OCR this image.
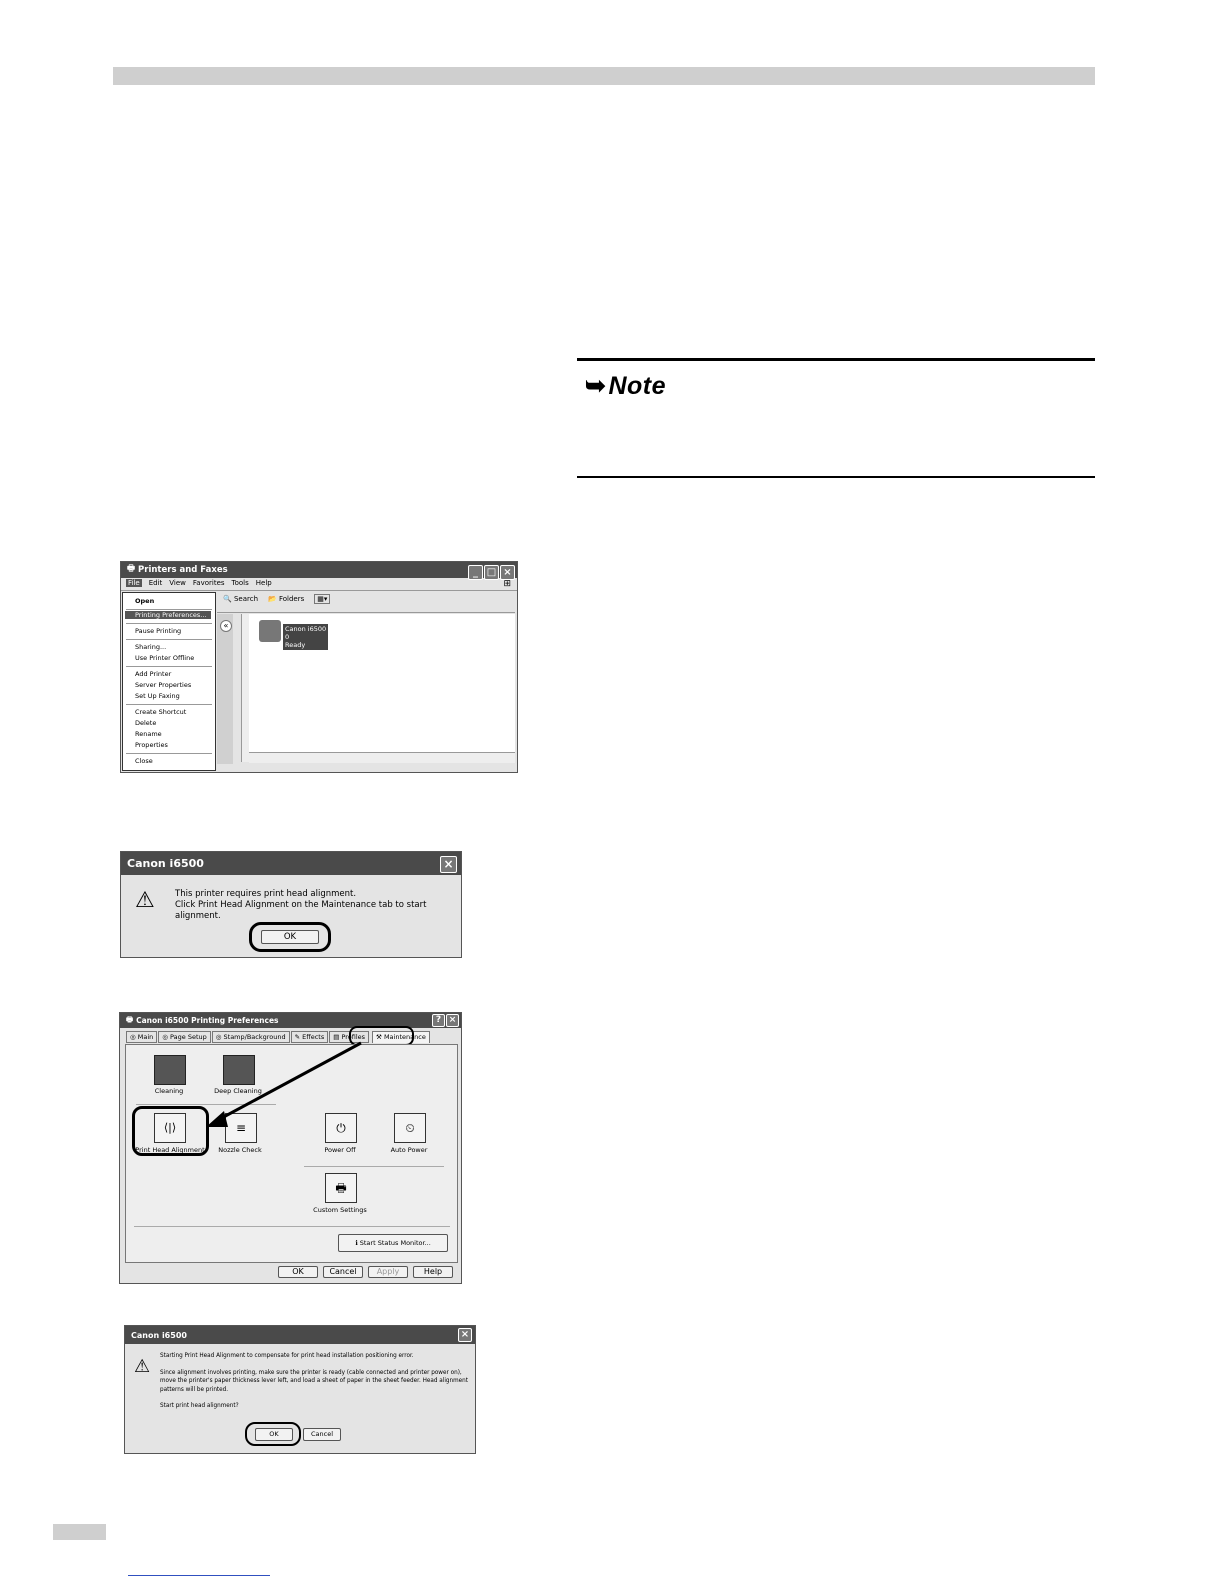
➥Note
🖶 Printers and Faxes	_ □ ×
File Edit View Favorites Tools Help	⊞
🔍 Search 📂 Folders	▦▾
«	Canon i6500
0
Ready
Open
Printing Preferences...
Pause Printing
Sharing...
Use Printer Offline
Add Printer
Server Properties
Set Up Faxing
Create Shortcut
Delete
Rename
Properties
Close
Canon i6500	×
⚠ This printer requires print head alignment.
Click Print Head Alignment on the Maintenance tab to start alignment.
OK
🖶 Canon i6500 Printing Preferences	? ×
◎ Main	◎ Page Setup	◎ Stamp/Background	✎ Effects	▤ Profiles	⚒ Maintenance
Cleaning	Deep Cleaning
⟨|⟩
Print Head Alignment
≡
Nozzle Check
⏻
Power Off
⏲
Auto Power
🖶
Custom Settings
ℹ Start Status Monitor...
OK	Cancel	Apply	Help
Canon i6500	×
⚠ Starting Print Head Alignment to compensate for print head installation positioning error.
Since alignment involves printing, make sure the printer is ready (cable connected and printer power on), move the printer's paper thickness lever left, and load a sheet of paper in the sheet feeder. Head alignment patterns will be printed.
Start print head alignment?
OK	Cancel
